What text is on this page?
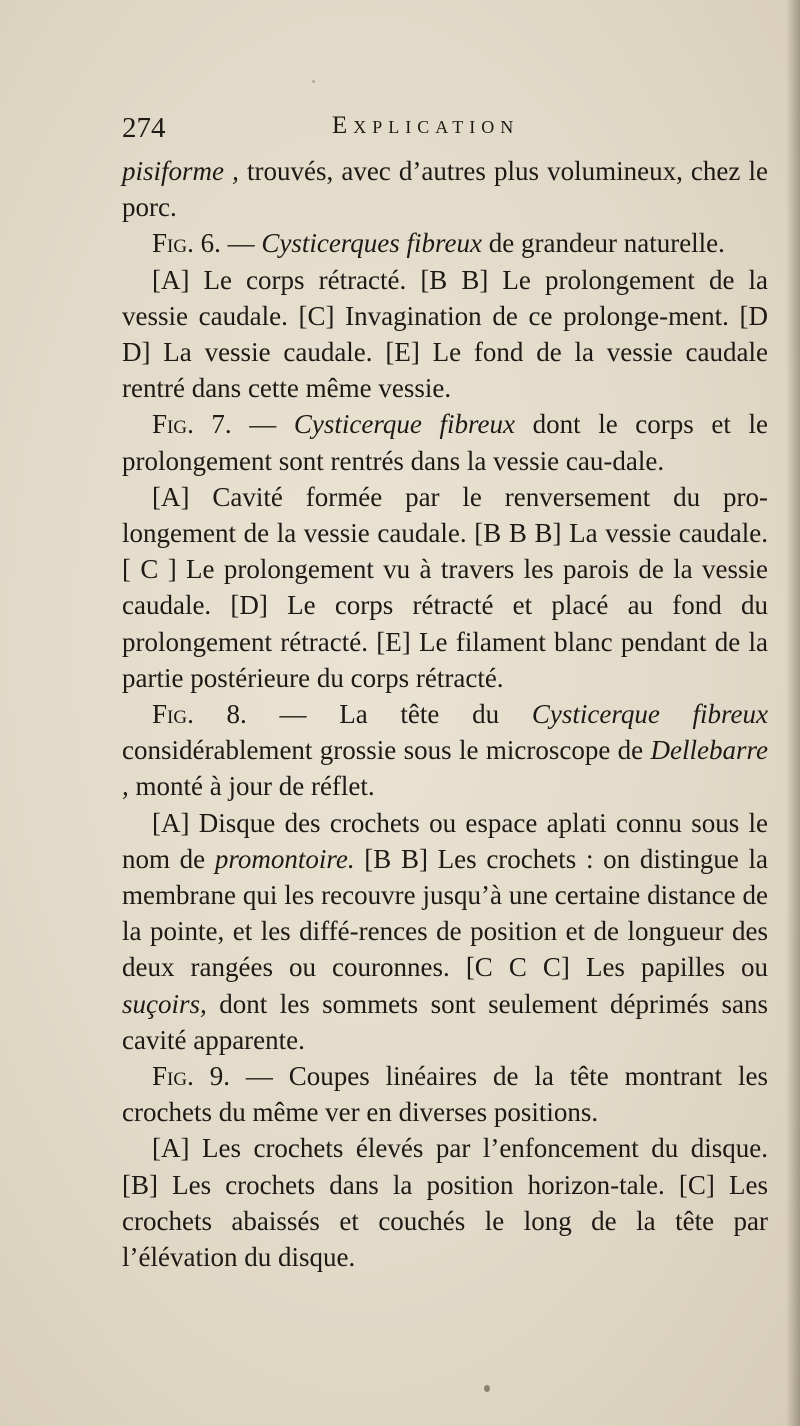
274	Explication

pisiforme , trouvés, avec d’autres plus volumineux, chez le porc.

Fig. 6. — Cysticerques fibreux de grandeur naturelle.

[A] Le corps rétracté. [B B] Le prolongement de la vessie caudale. [C] Invagination de ce prolonge-ment. [D D] La vessie caudale. [E] Le fond de la vessie caudale rentré dans cette même vessie.

Fig. 7. — Cysticerque fibreux dont le corps et le prolongement sont rentrés dans la vessie cau-dale.

[A] Cavité formée par le renversement du pro-longement de la vessie caudale. [B B B] La vessie caudale. [ C ] Le prolongement vu à travers les parois de la vessie caudale. [D] Le corps rétracté et placé au fond du prolongement rétracté. [E] Le filament blanc pendant de la partie postérieure du corps rétracté.

Fig. 8. — La tête du Cysticerque fibreux considérablement grossie sous le microscope de Dellebarre , monté à jour de réflet.

[A] Disque des crochets ou espace aplati connu sous le nom de promontoire. [B B] Les crochets : on distingue la membrane qui les recouvre jusqu’à une certaine distance de la pointe, et les diffé-rences de position et de longueur des deux rangées ou couronnes. [C C C] Les papilles ou suçoirs, dont les sommets sont seulement déprimés sans cavité apparente.

Fig. 9. — Coupes linéaires de la tête montrant les crochets du même ver en diverses positions.

[A] Les crochets élevés par l’enfoncement du disque. [B] Les crochets dans la position horizon-tale. [C] Les crochets abaissés et couchés le long de la tête par l’élévation du disque.
